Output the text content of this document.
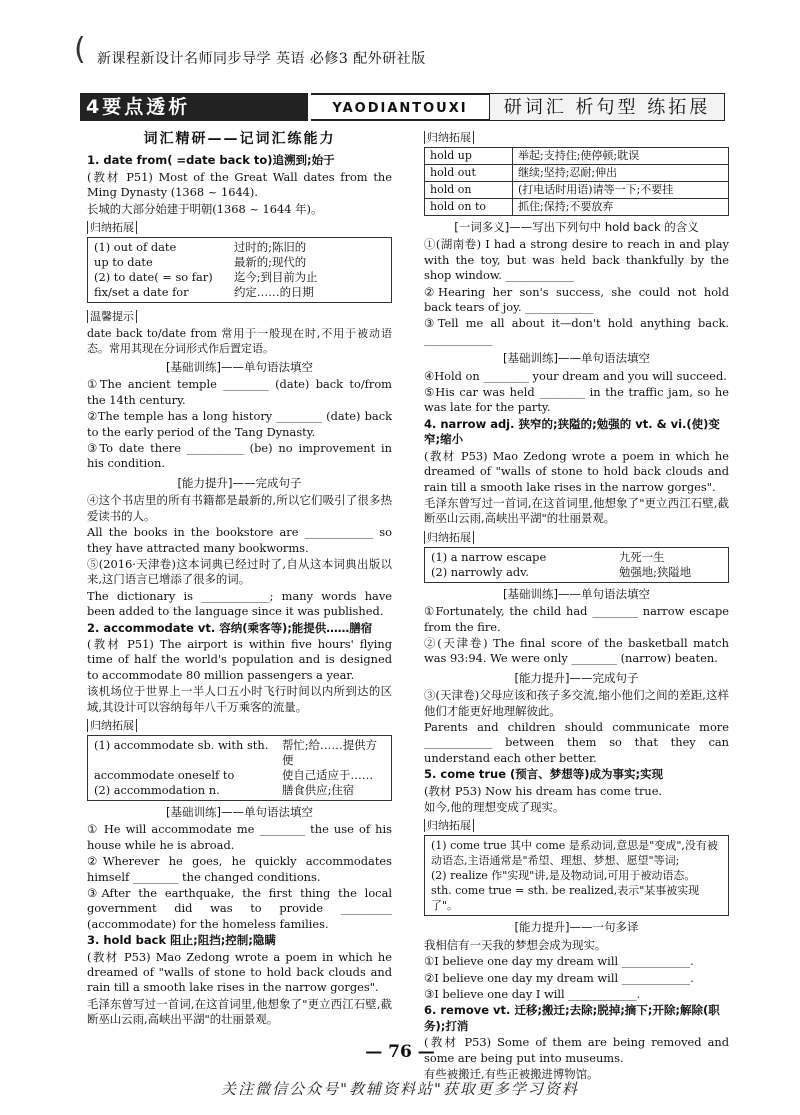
( 新课程新设计名师同步导学 英语 必修3 配外研社版
4要点透析	YAODIANTOUXI	研词汇 析句型 练拓展
词汇精研——记词汇练能力
1. date from( =date back to)追溯到;始于
(教材 P51) Most of the Great Wall dates from the Ming Dynasty (1368 ~ 1644).
长城的大部分始建于明朝(1368 ~ 1644 年)。
归纳拓展
(1) out of date	过时的;陈旧的
up to date	最新的;现代的
(2) to date( = so far)	迄今;到目前为止
fix/set a date for	约定……的日期
温馨提示
date back to/date from 常用于一般现在时,不用于被动语态。常用其现在分词形式作后置定语。
[基础训练]——单句语法填空
①The ancient temple ________ (date) back to/from the 14th century.
②The temple has a long history ________ (date) back to the early period of the Tang Dynasty.
③To date there __________ (be) no improvement in his condition.
[能力提升]——完成句子
④这个书店里的所有书籍都是最新的,所以它们吸引了很多热爱读书的人。
All the books in the bookstore are ____________ so they have attracted many bookworms.
⑤(2016·天津卷)这本词典已经过时了,自从这本词典出版以来,这门语言已增添了很多的词。
The dictionary is ____________; many words have been added to the language since it was published.
2. accommodate vt. 容纳(乘客等);能提供……膳宿
(教材 P51) The airport is within five hours' flying time of half the world's population and is designed to accommodate 80 million passengers a year.
该机场位于世界上一半人口五小时飞行时间以内所到达的区域,其设计可以容纳每年八千万乘客的流量。
归纳拓展
(1) accommodate sb. with sth.	帮忙;给……提供方便
accommodate oneself to	使自己适应于……
(2) accommodation n.	膳食供应;住宿
[基础训练]——单句语法填空
① He will accommodate me ________ the use of his house while he is abroad.
②Wherever he goes, he quickly accommodates himself ________ the changed conditions.
③After the earthquake, the first thing the local government did was to provide _________ (accommodate) for the homeless families.
3. hold back 阻止;阻挡;控制;隐瞒
(教材 P53) Mao Zedong wrote a poem in which he dreamed of "walls of stone to hold back clouds and rain till a smooth lake rises in the narrow gorges".
毛泽东曾写过一首词,在这首词里,他想象了"更立西江石壁,截断巫山云雨,高峡出平湖"的壮丽景观。
归纳拓展
hold up	举起;支持住;使停顿;耽误
hold out	继续;坚持;忍耐;伸出
hold on	(打电话时用语)请等一下;不要挂
hold on to	抓住;保持;不要放弃
[一词多义]——写出下列句中 hold back 的含义
①(湖南卷) I had a strong desire to reach in and play with the toy, but was held back thankfully by the shop window. ____________
②Hearing her son's success, she could not hold back tears of joy. ____________
③Tell me all about it—don't hold anything back. ____________
[基础训练]——单句语法填空
④Hold on ________ your dream and you will succeed.
⑤His car was held ________ in the traffic jam, so he was late for the party.
4. narrow adj. 狭窄的;狭隘的;勉强的 vt. & vi.(使)变窄;缩小
(教材 P53) Mao Zedong wrote a poem in which he dreamed of "walls of stone to hold back clouds and rain till a smooth lake rises in the narrow gorges".
毛泽东曾写过一首词,在这首词里,他想象了"更立西江石壁,截断巫山云雨,高峡出平湖"的壮丽景观。
归纳拓展
(1) a narrow escape	九死一生
(2) narrowly adv.	勉强地;狭隘地
[基础训练]——单句语法填空
①Fortunately, the child had ________ narrow escape from the fire.
②(天津卷) The final score of the basketball match was 93:94. We were only ________ (narrow) beaten.
[能力提升]——完成句子
③(天津卷)父母应该和孩子多交流,缩小他们之间的差距,这样他们才能更好地理解彼此。
Parents and children should communicate more ____________ between them so that they can understand each other better.
5. come true (预言、梦想等)成为事实;实现
(教材 P53) Now his dream has come true.
如今,他的理想变成了现实。
归纳拓展
(1) come true 其中 come 是系动词,意思是"变成",没有被动语态,主语通常是"希望、理想、梦想、愿望"等词;
(2) realize 作"实现"讲,是及物动词,可用于被动语态。
sth. come true = sth. be realized,表示"某事被实现了"。
[能力提升]——一句多译
我相信有一天我的梦想会成为现实。
①I believe one day my dream will ____________.
②I believe one day my dream will ____________.
③I believe one day I will ____________.
6. remove vt. 迁移;搬迁;去除;脱掉;摘下;开除;解除(职务);打消
(教材 P53) Some of them are being removed and some are being put into museums.
有些被搬迁,有些正被搬进博物馆。
— 76 —
关注微信公众号"教辅资料站"获取更多学习资料
